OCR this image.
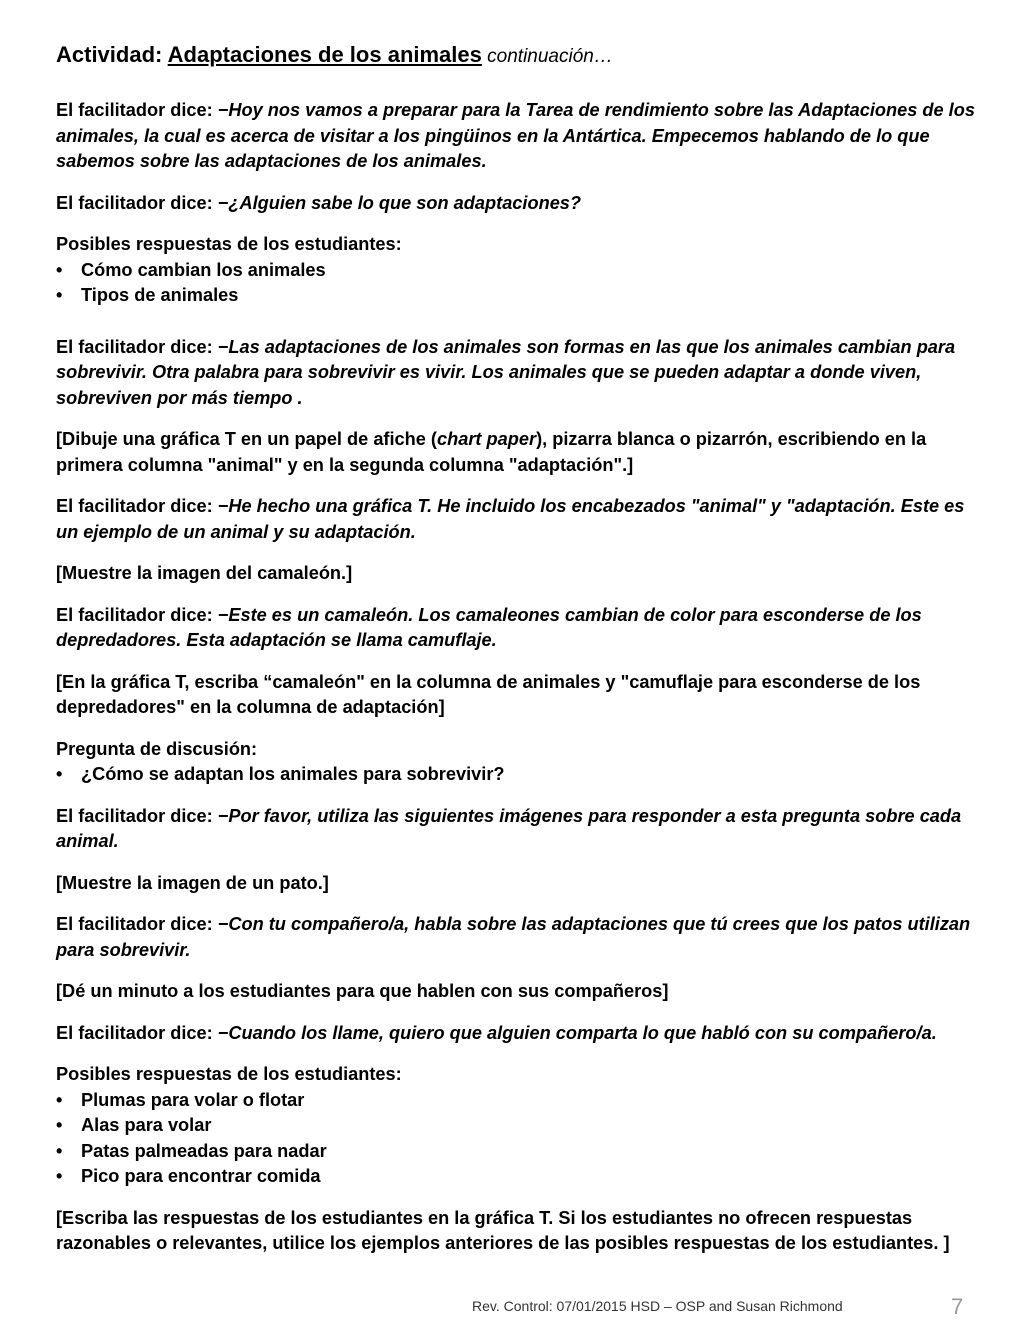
Actividad: Adaptaciones de los animales continuación…

El facilitador dice: −Hoy nos vamos a preparar para la Tarea de rendimiento sobre las Adaptaciones de los animales, la cual es acerca de visitar a los pingüinos en la Antártica. Empecemos hablando de lo que sabemos sobre las adaptaciones de los animales.

El facilitador dice: −¿Alguien sabe lo que son adaptaciones?

Posibles respuestas de los estudiantes:
• Cómo cambian los animales
• Tipos de animales

El facilitador dice: −Las adaptaciones de los animales son formas en las que los animales cambian para sobrevivir. Otra palabra para sobrevivir es vivir. Los animales que se pueden adaptar a donde viven, sobreviven por más tiempo .

[Dibuje una gráfica T en un papel de afiche (chart paper), pizarra blanca o pizarrón, escribiendo en la primera columna "animal" y en la segunda columna "adaptación".]

El facilitador dice: −He hecho una gráfica T. He incluido los encabezados "animal" y "adaptación. Este es un ejemplo de un animal y su adaptación.

[Muestre la imagen del camaleón.]

El facilitador dice: −Este es un camaleón. Los camaleones cambian de color para esconderse de los depredadores. Esta adaptación se llama camuflaje.

[En la gráfica T, escriba “camaleón" en la columna de animales y "camuflaje para esconderse de los depredadores" en la columna de adaptación]

Pregunta de discusión:
• ¿Cómo se adaptan los animales para sobrevivir?

El facilitador dice: −Por favor, utiliza las siguientes imágenes para responder a esta pregunta sobre cada animal.

[Muestre la imagen de un pato.]

El facilitador dice: −Con tu compañero/a, habla sobre las adaptaciones que tú crees que los patos utilizan para sobrevivir.

[Dé un minuto a los estudiantes para que hablen con sus compañeros]

El facilitador dice: −Cuando los llame, quiero que alguien comparta lo que habló con su compañero/a.

Posibles respuestas de los estudiantes:
• Plumas para volar o flotar
• Alas para volar
• Patas palmeadas para nadar
• Pico para encontrar comida

[Escriba las respuestas de los estudiantes en la gráfica T. Si los estudiantes no ofrecen respuestas razonables o relevantes, utilice los ejemplos anteriores de las posibles respuestas de los estudiantes. ]

Rev. Control: 07/01/2015 HSD – OSP and Susan Richmond	7
